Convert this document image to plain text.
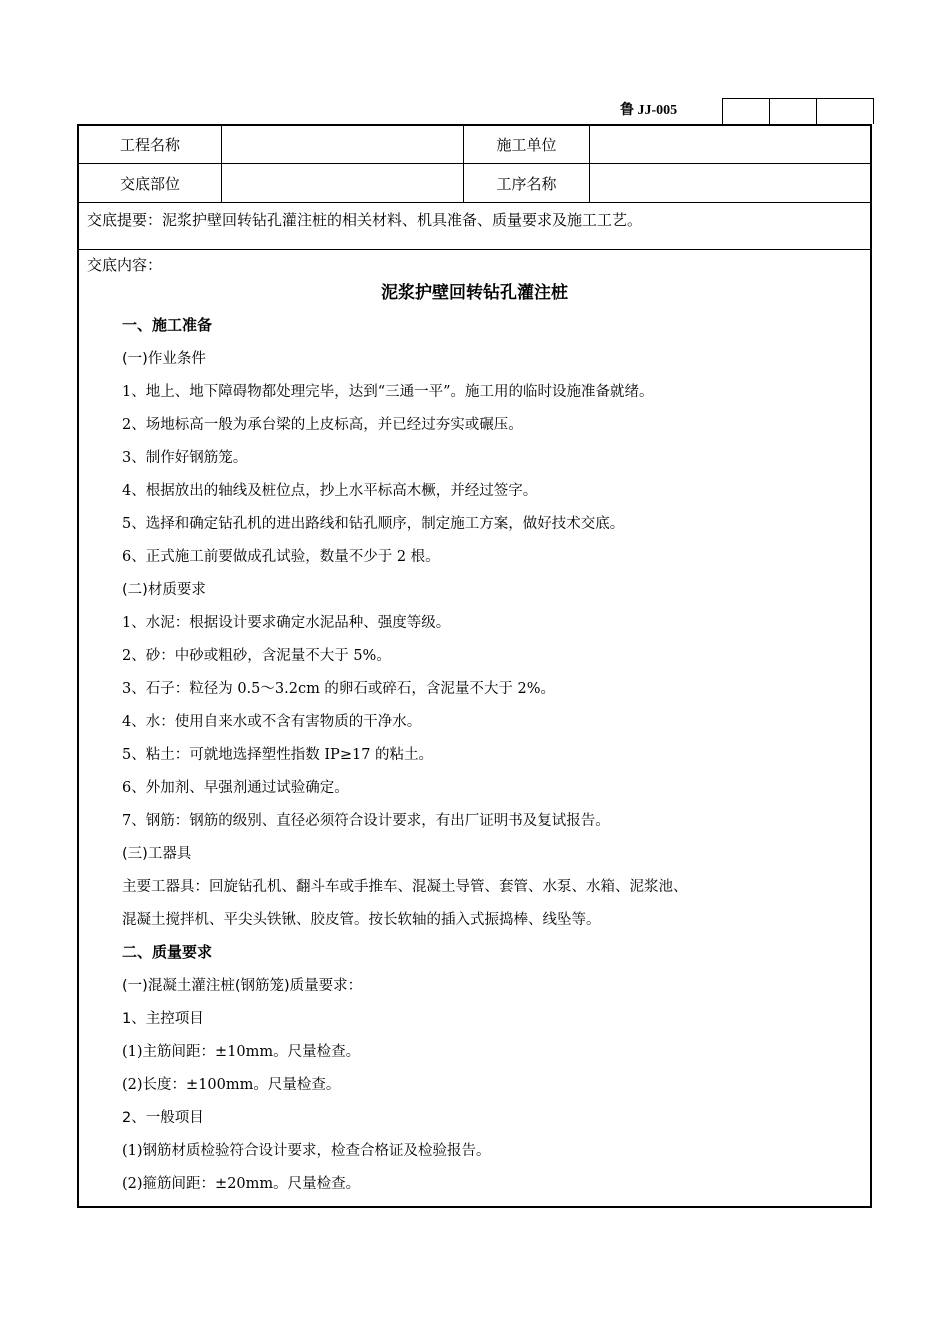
鲁 JJ-005
工程名称	施工单位
交底部位	工序名称
交底提要：泥浆护壁回转钻孔灌注桩的相关材料、机具准备、质量要求及施工工艺。
交底内容：
泥浆护壁回转钻孔灌注桩
一、施工准备
(一)作业条件
1、地上、地下障碍物都处理完毕，达到“三通一平”。施工用的临时设施准备就绪。
2、场地标高一般为承台梁的上皮标高，并已经过夯实或碾压。
3、制作好钢筋笼。
4、根据放出的轴线及桩位点，抄上水平标高木橛，并经过签字。
5、选择和确定钻孔机的进出路线和钻孔顺序，制定施工方案，做好技术交底。
6、正式施工前要做成孔试验，数量不少于 2 根。
(二)材质要求
1、水泥：根据设计要求确定水泥品种、强度等级。
2、砂：中砂或粗砂，含泥量不大于 5%。
3、石子：粒径为 0.5～3.2cm 的卵石或碎石，含泥量不大于 2%。
4、水：使用自来水或不含有害物质的干净水。
5、粘土：可就地选择塑性指数 IP≥17 的粘土。
6、外加剂、早强剂通过试验确定。
7、钢筋：钢筋的级别、直径必须符合设计要求，有出厂证明书及复试报告。
(三)工器具
主要工器具：回旋钻孔机、翻斗车或手推车、混凝土导管、套管、水泵、水箱、泥浆池、
混凝土搅拌机、平尖头铁锹、胶皮管。按长软轴的插入式振捣棒、线坠等。
二、质量要求
(一)混凝土灌注桩(钢筋笼)质量要求：
1、主控项目
(1)主筋间距：±10mm。尺量检查。
(2)长度：±100mm。尺量检查。
2、一般项目
(1)钢筋材质检验符合设计要求，检查合格证及检验报告。
(2)箍筋间距：±20mm。尺量检查。
